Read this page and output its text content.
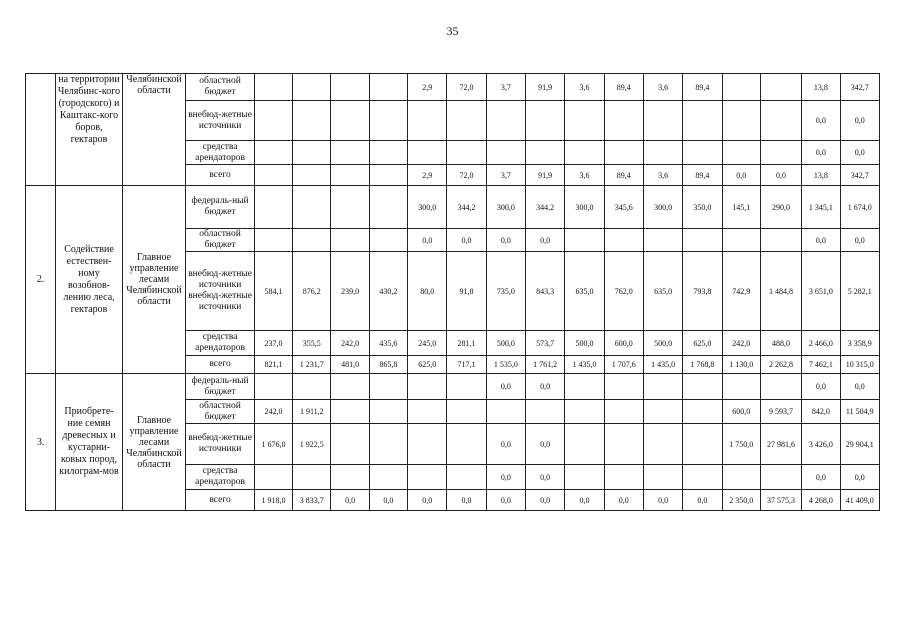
35
	на территории Челябинс-кого (городского) и Каштакс-кого боров, гектаров	Челябинской области	областной бюджет					2,9	72,0	3,7	91,9	3,6	89,4	3,6	89,4			13,8	342,7
			внебюд-жетные источники															0,0	0,0
			средства арендаторов															0,0	0,0
			всего					2,9	72,0	3,7	91,9	3,6	89,4	3,6	89,4	0,0	0,0	13,8	342,7
2.	Содействие естествен-ному возобнов-лению леса, гектаров	Главное управление лесами Челябинской области	федераль-ный бюджет					300,0	344,2	300,0	344,2	300,0	345,6	300,0	350,0	145,1	290,0	1 345,1	1 674,0
			областной бюджет					0,0	0,0	0,0	0,0							0,0	0,0
			внебюд-жетные источники внебюд-жетные источники	584,1	876,2	239,0	430,2	80,0	91,8	735,0	843,3	635,0	762,0	635,0	793,8	742,9	1 484,8	3 651,0	5 282,1
			средства арендаторов	237,0	355,5	242,0	435,6	245,0	281,1	500,0	573,7	500,0	600,0	500,0	625,0	242,0	488,0	2 466,0	3 358,9
			всего	821,1	1 231,7	481,0	865,8	625,0	717,1	1 535,0	1 761,2	1 435,0	1 707,6	1 435,0	1 768,8	1 130,0	2 262,8	7 462,1	10 315,0
3.	Приобрете-ние семян древесных и кустарни-ковых пород, килограм-мов	Главное управление лесами Челябинской области	федераль-ный бюджет							0,0	0,0							0,0	0,0
			областной бюджет	242,0	1 911,2											600,0	9 593,7	842,0	11 504,9
			внебюд-жетные источники	1 676,0	1 922,5					0,0	0,0					1 750,0	27 981,6	3 426,0	29 904,1
			средства арендаторов							0,0	0,0							0,0	0,0
			всего	1 918,0	3 833,7	0,0	0,0	0,0	0,0	0,0	0,0	0,0	0,0	0,0	0,0	2 350,0	37 575,3	4 268,0	41 409,0
